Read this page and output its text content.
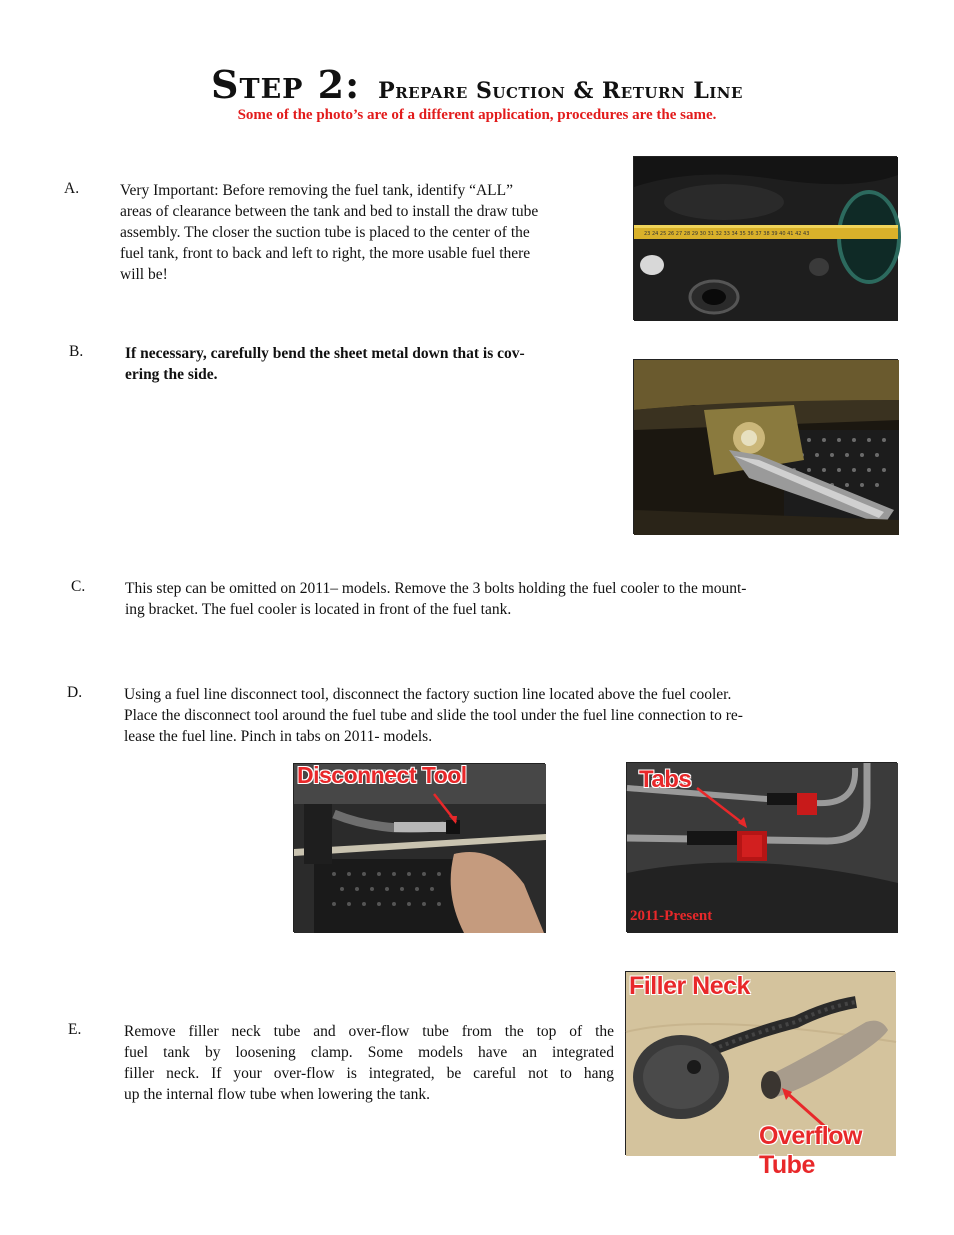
Step 2: Prepare Suction & Return Line
Some of the photo’s are of a different application, procedures are the same.
A.	Very Important: Before removing the fuel tank, identify “ALL”
areas of clearance between the tank and bed to install the draw tube
assembly. The closer the suction tube is placed to the center of the
fuel tank, front to back and left to right, the more usable fuel there
will be!
23 24 25 26 27 28 29 30 31 32 33 34 35 36 37 38 39 40 41 42 43
B.	If necessary, carefully bend the sheet metal down that is cov-
ering the side.
C.	This step can be omitted on 2011– models. Remove the 3 bolts holding the fuel cooler to the mount-
ing bracket. The fuel cooler is located in front of the fuel tank.
D.	Using a fuel line disconnect tool, disconnect the factory suction line located above the fuel cooler.
Place the disconnect tool around the fuel tube and slide the tool under the fuel line connection to re-
lease the fuel line. Pinch in tabs on 2011- models.
Disconnect Tool	Tabs
2011-Present
E.	Remove filler neck tube and over-flow tube from the top of the
fuel tank by loosening clamp. Some models have an integrated
filler neck. If your over-flow is integrated, be careful not to hang
up the internal flow tube when lowering the tank.
Filler Neck
Overflow Tube
